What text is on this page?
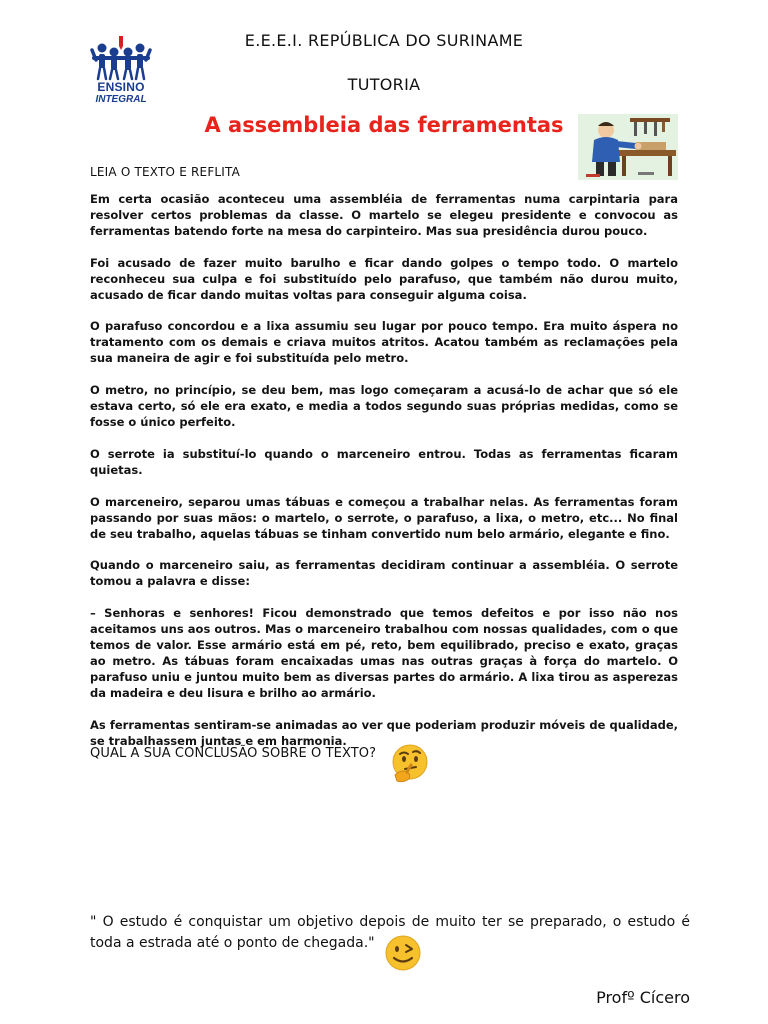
E.E.E.I. REPÚBLICA DO SURINAME
TUTORIA
A assembleia das ferramentas
ENSINO
INTEGRAL
LEIA O TEXTO E REFLITA

Em certa ocasião aconteceu uma assembléia de ferramentas numa carpintaria para resolver certos problemas da classe. O martelo se elegeu presidente e convocou as ferramentas batendo forte na mesa do carpinteiro. Mas sua presidência durou pouco.

Foi acusado de fazer muito barulho e ficar dando golpes o tempo todo. O martelo reconheceu sua culpa e foi substituído pelo parafuso, que também não durou muito, acusado de ficar dando muitas voltas para conseguir alguma coisa.

O parafuso concordou e a lixa assumiu seu lugar por pouco tempo. Era muito áspera no tratamento com os demais e criava muitos atritos. Acatou também as reclamações pela sua maneira de agir e foi substituída pelo metro.

O metro, no princípio, se deu bem, mas logo começaram a acusá-lo de achar que só ele estava certo, só ele era exato, e media a todos segundo suas próprias medidas, como se fosse o único perfeito.

O serrote ia substituí-lo quando o marceneiro entrou. Todas as ferramentas ficaram quietas.

O marceneiro, separou umas tábuas e começou a trabalhar nelas. As ferramentas foram passando por suas mãos: o martelo, o serrote, o parafuso, a lixa, o metro, etc... No final de seu trabalho, aquelas tábuas se tinham convertido num belo armário, elegante e fino.

Quando o marceneiro saiu, as ferramentas decidiram continuar a assembléia. O serrote tomou a palavra e disse:

– Senhoras e senhores! Ficou demonstrado que temos defeitos e por isso não nos aceitamos uns aos outros. Mas o marceneiro trabalhou com nossas qualidades, com o que temos de valor. Esse armário está em pé, reto, bem equilibrado, preciso e exato, graças ao metro. As tábuas foram encaixadas umas nas outras graças à força do martelo. O parafuso uniu e juntou muito bem as diversas partes do armário. A lixa tirou as asperezas da madeira e deu lisura e brilho ao armário.

As ferramentas sentiram-se animadas ao ver que poderiam produzir móveis de qualidade, se trabalhassem juntas e em harmonia.

QUAL A SUA CONCLUSÃO SOBRE O TEXTO?
" O estudo é conquistar um objetivo depois de muito ter se preparado, o estudo é toda a estrada até o ponto de chegada."
Profº Cícero
